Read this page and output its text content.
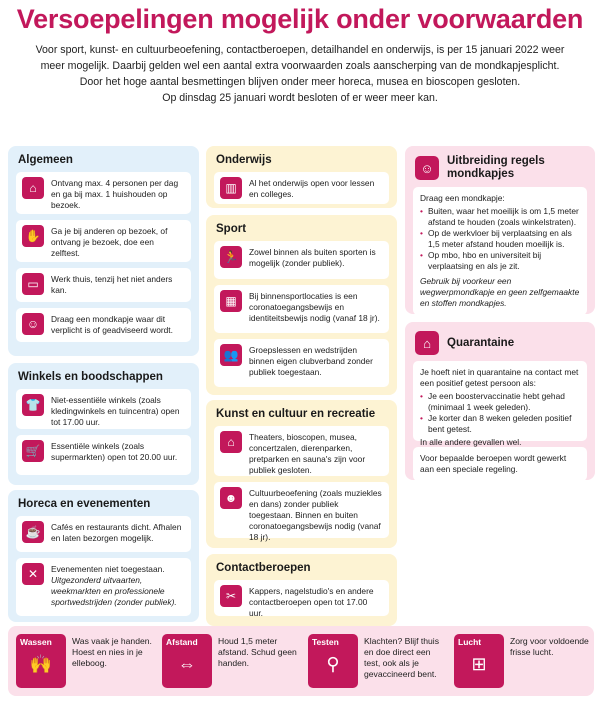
Versoepelingen mogelijk onder voorwaarden
Voor sport, kunst- en cultuurbeoefening, contactberoepen, detailhandel en onderwijs, is per 15 januari 2022 weer
meer mogelijk. Daarbij gelden wel een aantal extra voorwaarden zoals aanscherping van de mondkapjesplicht.
Door het hoge aantal besmettingen blijven onder meer horeca, musea en bioscopen gesloten.
Op dinsdag 25 januari wordt besloten of er weer meer kan.
Algemeen
⌂	Ontvang max. 4 personen per dag en ga bij max. 1 huishouden op bezoek.
✋	Ga je bij anderen op bezoek, of ontvang je bezoek, doe een zelftest.
▭	Werk thuis, tenzij het niet anders kan.
☺	Draag een mondkapje waar dit verplicht is of geadviseerd wordt.
Winkels en boodschappen
👕	Niet-essentiële winkels (zoals kledingwinkels en tuincentra) open tot 17.00 uur.
🛒	Essentiële winkels (zoals supermarkten) open tot 20.00 uur.
Horeca en evenementen
☕	Cafés en restaurants dicht. Afhalen en laten bezorgen mogelijk.
✕	Evenementen niet toegestaan.
Uitgezonderd uitvaarten, weekmarkten en professionele sportwedstrijden (zonder publiek).
Onderwijs
▥	Al het onderwijs open voor lessen en colleges.
Sport
🏃	Zowel binnen als buiten sporten is mogelijk (zonder publiek).
▦	Bij binnensportlocaties is een coronatoegangsbewijs en identiteitsbewijs nodig (vanaf 18 jr).
👥	Groepslessen en wedstrijden binnen eigen clubverband zonder publiek toegestaan.
Kunst en cultuur en recreatie
⌂	Theaters, bioscopen, musea, concertzalen, dierenparken, pretparken en sauna's zijn voor publiek gesloten.
☻	Cultuurbeoefening (zoals muziekles en dans) zonder publiek toegestaan. Binnen en buiten coronatoegangsbewijs nodig (vanaf 18 jr).
Contactberoepen
✂	Kappers, nagelstudio's en andere contactberoepen open tot 17.00 uur.
☺	Uitbreiding regels mondkapjes
Draag een mondkapje:
• Buiten, waar het moeilijk is om 1,5 meter afstand te houden (zoals winkelstraten).
• Op de werkvloer bij verplaatsing en als 1,5 meter afstand houden moeilijk is.
• Op mbo, hbo en universiteit bij verplaatsing en als je zit.
Gebruik bij voorkeur een wegwerpmondkapje en geen zelfgemaakte en stoffen mondkapjes.
⌂	Quarantaine
Je hoeft niet in quarantaine na contact met een positief getest persoon als:
• Je een boostervaccinatie hebt gehad (minimaal 1 week geleden).
• Je korter dan 8 weken geleden positief bent getest.
In alle andere gevallen wel.
Voor bepaalde beroepen wordt gewerkt aan een speciale regeling.
Wassen
🙌
Was vaak je handen. Hoest en nies in je elleboog.
Afstand
⇔
Houd 1,5 meter afstand. Schud geen handen.
Testen
⚲
Klachten? Blijf thuis en doe direct een test, ook als je gevaccineerd bent.
Lucht
⊞
Zorg voor voldoende frisse lucht.
